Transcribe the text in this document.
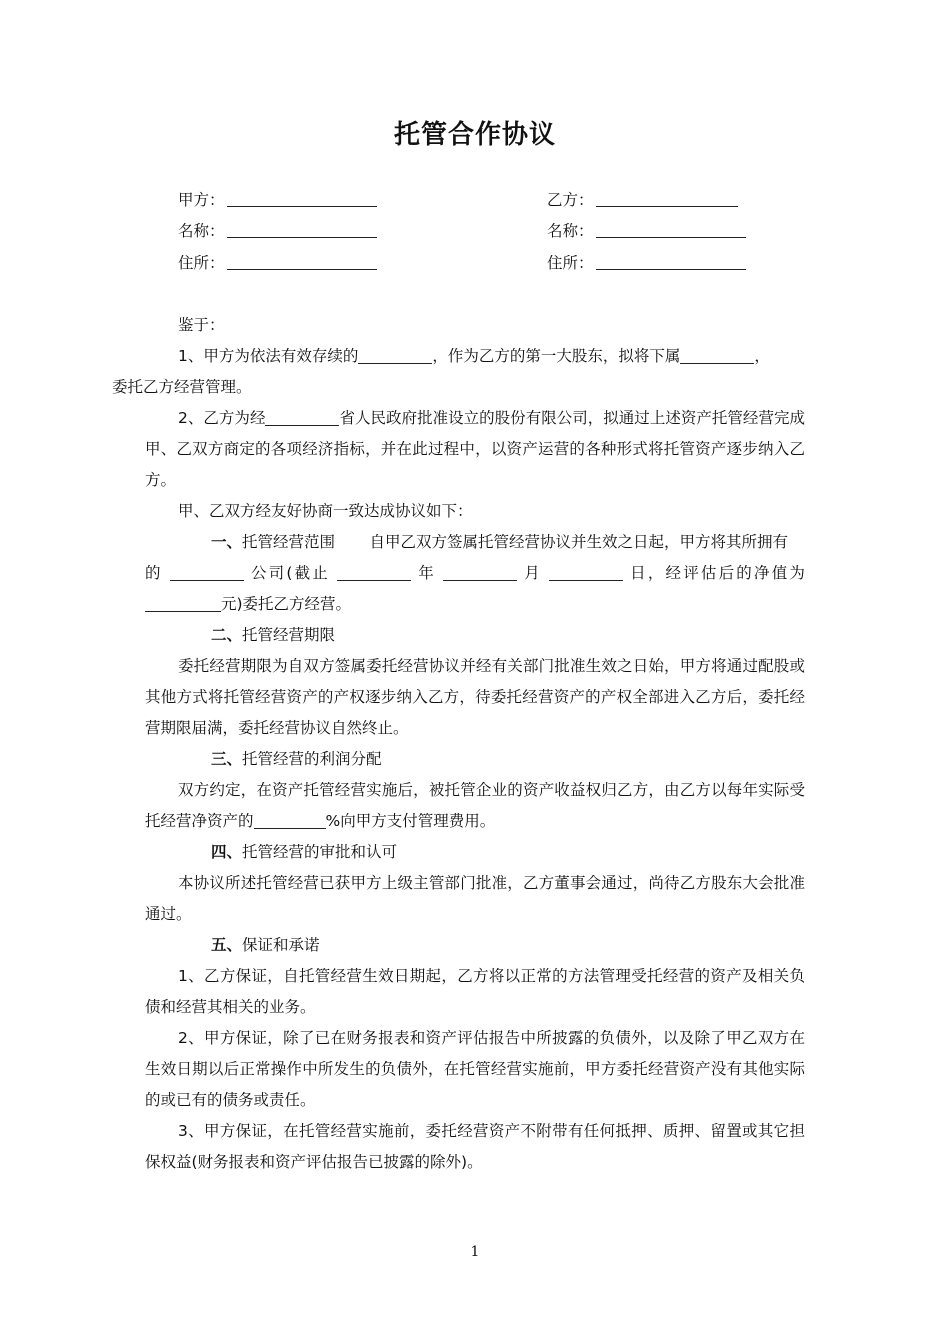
托管合作协议
甲方：
名称：
住所：
乙方：
名称：
住所：

鉴于：

1、甲方为依法有效存续的	，作为乙方的第一大股东，拟将下属	，
委托乙方经营管理。

2、乙方为经	省人民政府批准设立的股份有限公司，拟通过上述资产托管经营完成甲、乙双方商定的各项经济指标，并在此过程中，以资产运营的各种形式将托管资产逐步纳入乙方。

甲、乙双方经友好协商一致达成协议如下：

一、托管经营范围 自甲乙双方签属托管经营协议并生效之日起，甲方将其所拥有

的	公司(截止	年	月	日，经评估后的净值为

元)委托乙方经营。

二、托管经营期限

委托经营期限为自双方签属委托经营协议并经有关部门批准生效之日始，甲方将通过配股或其他方式将托管经营资产的产权逐步纳入乙方，待委托经营资产的产权全部进入乙方后，委托经营期限届满，委托经营协议自然终止。

三、托管经营的利润分配

双方约定，在资产托管经营实施后，被托管企业的资产收益权归乙方，由乙方以每年实际受托经营净资产的	%向甲方支付管理费用。

四、托管经营的审批和认可

本协议所述托管经营已获甲方上级主管部门批准，乙方董事会通过，尚待乙方股东大会批准通过。

五、保证和承诺

1、乙方保证，自托管经营生效日期起，乙方将以正常的方法管理受托经营的资产及相关负债和经营其相关的业务。

2、甲方保证，除了已在财务报表和资产评估报告中所披露的负债外，以及除了甲乙双方在生效日期以后正常操作中所发生的负债外，在托管经营实施前，甲方委托经营资产没有其他实际的或已有的债务或责任。

3、甲方保证，在托管经营实施前，委托经营资产不附带有任何抵押、质押、留置或其它担保权益(财务报表和资产评估报告已披露的除外)。

1
